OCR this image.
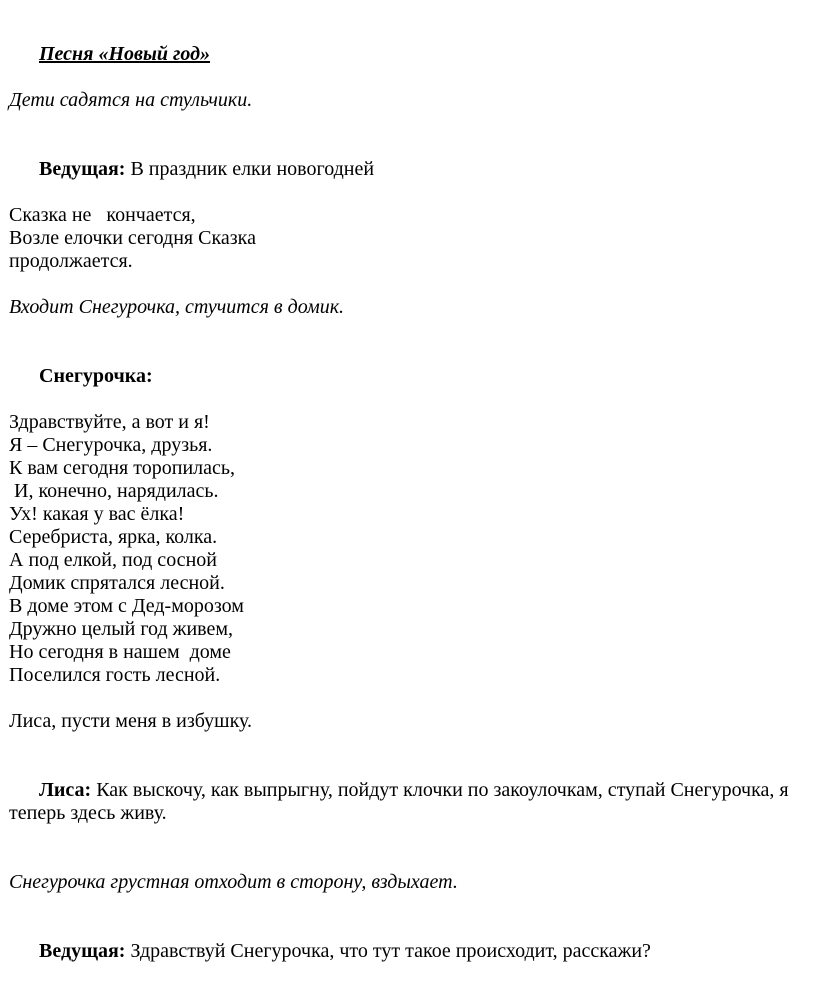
Песня «Новый год»

Дети садятся на стульчики.

Ведущая: В праздник елки новогодней

Сказка не   кончается,
Возле елочки сегодня Сказка
продолжается.
Входит Снегурочка, стучится в домик.

Снегурочка:

Здравствуйте, а вот и я!
Я – Снегурочка, друзья.
К вам сегодня торопилась,
И, конечно, нарядилась.
Ух! какая у вас ёлка!
Серебриста, ярка, колка.
А под елкой, под сосной
Домик спрятался лесной.
В доме этом с Дед-морозом
Дружно целый год живем,
Но сегодня в нашем  доме
Поселился гость лесной.
Лиса, пусти меня в избушку.

Лиса: Как выскочу, как выпрыгну, пойдут клочки по закоулочкам, ступай Снегурочка, я теперь здесь живу.

Снегурочка грустная отходит в сторону, вздыхает.

Ведущая: Здравствуй Снегурочка, что тут такое происходит, расскажи?
